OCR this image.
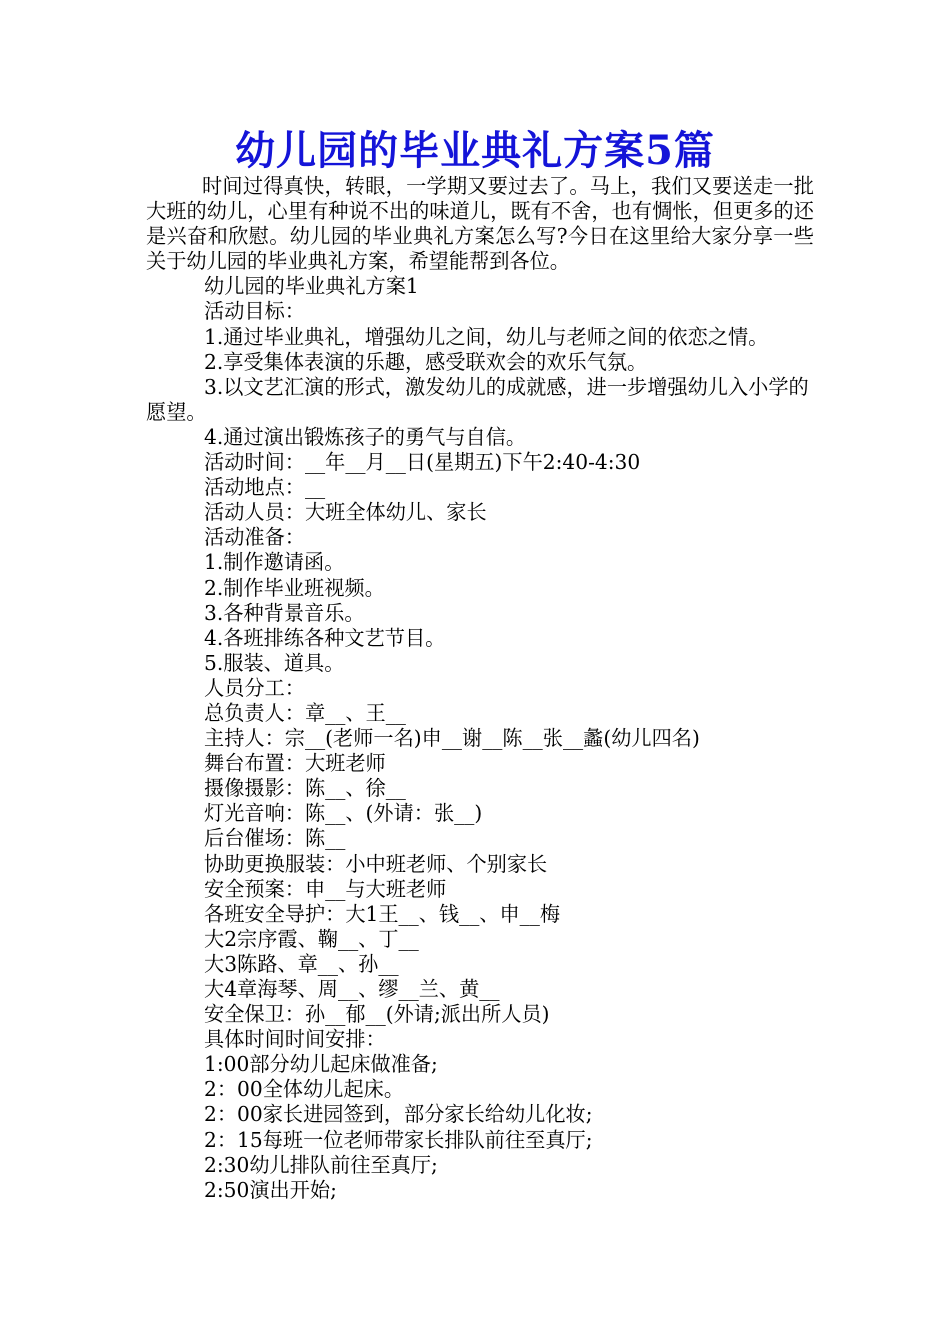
幼儿园的毕业典礼方案5篇

时间过得真快，转眼，一学期又要过去了。马上，我们又要送走一批大班的幼儿，心里有种说不出的味道儿，既有不舍，也有惆怅，但更多的还是兴奋和欣慰。幼儿园的毕业典礼方案怎么写?今日在这里给大家分享一些关于幼儿园的毕业典礼方案，希望能帮到各位。

幼儿园的毕业典礼方案1

活动目标：

1.通过毕业典礼，增强幼儿之间，幼儿与老师之间的依恋之情。

2.享受集体表演的乐趣，感受联欢会的欢乐气氛。

3.以文艺汇演的形式，激发幼儿的成就感，进一步增强幼儿入小学的愿望。

4.通过演出锻炼孩子的勇气与自信。

活动时间：__年__月__日(星期五)下午2:40-4:30

活动地点：__

活动人员：大班全体幼儿、家长

活动准备：

1.制作邀请函。

2.制作毕业班视频。

3.各种背景音乐。

4.各班排练各种文艺节目。

5.服装、道具。

人员分工：

总负责人：章__、王__

主持人：宗__(老师一名)申__谢__陈__张__蠡(幼儿四名)

舞台布置：大班老师

摄像摄影：陈__、徐__

灯光音响：陈__、(外请：张__)

后台催场：陈__

协助更换服装：小中班老师、个别家长

安全预案：申__与大班老师

各班安全导护：大1王__、钱__、申__梅

大2宗序霞、鞠__、丁__

大3陈路、章__、孙__

大4章海琴、周__、缪__兰、黄__

安全保卫：孙__郁__(外请;派出所人员)

具体时间时间安排：

1:00部分幼儿起床做准备;

2：00全体幼儿起床。

2：00家长进园签到，部分家长给幼儿化妆;

2：15每班一位老师带家长排队前往至真厅;

2:30幼儿排队前往至真厅;

2:50演出开始;
